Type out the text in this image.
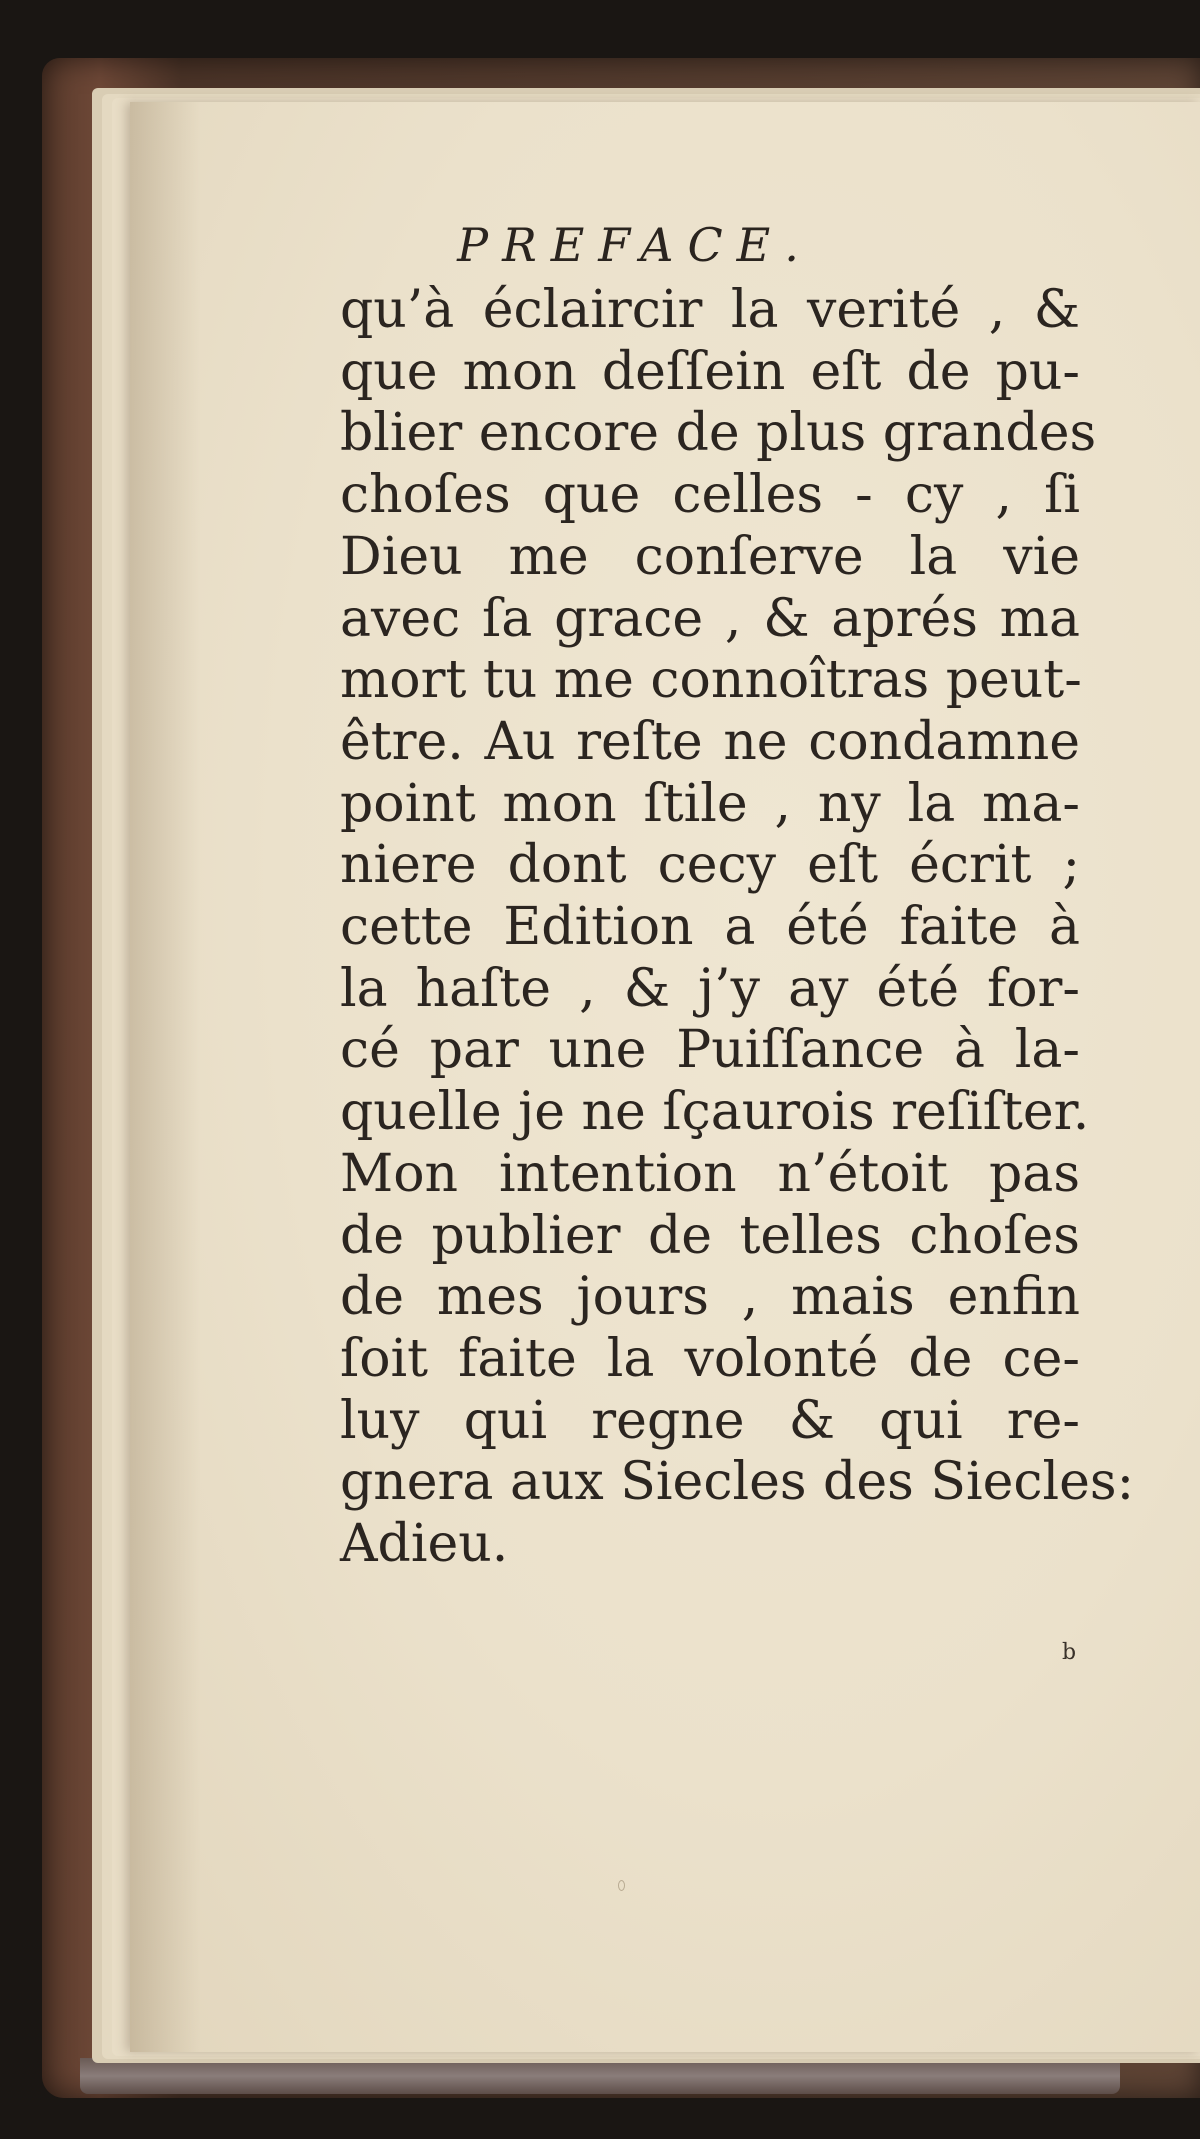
PREFACE.
qu’à éclaircir la verité , &
que mon deſſein eſt de pu-
blier encore de plus grandes
choſes que celles - cy , ſi
Dieu me conſerve la vie
avec ſa grace , & aprés ma
mort tu me connoîtras peut-
être. Au reſte ne condamne
point mon ſtile , ny la ma-
niere dont cecy eſt écrit ;
cette Edition a été faite à
la haſte , & j’y ay été for-
cé par une Puiſſance à la-
quelle je ne ſçaurois reſiſter.
Mon intention n’étoit pas
de publier de telles choſes
de mes jours , mais enfin
ſoit faite la volonté de ce-
luy qui regne & qui re-
gnera aux Siecles des Siecles:
Adieu.
b
